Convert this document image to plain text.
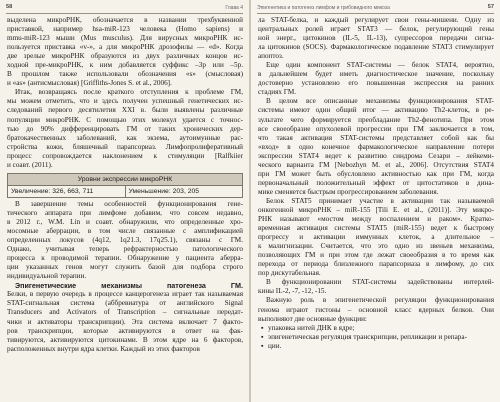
58	Глава 4
выделена микроРНК, обозначается в названии трехбуквенной
приставкой, например hsa-miR-123 человека (Homo sapiens) и
mmu-miR-123 мыши (Mus musculus). Для вирусных микроРНК ис-
пользуется приставка «v-», а для микроРНК дрозофилы — «d». Когда
две зрелые микроРНК образуются из двух различных концов ис-
ходной пре-микроРНК, к ним добавляется суффикс –3р или –5р.
В прошлом также использовали обозначения «s» (смысловая)
и «as» (антисмысловая) [Griffiths-Jones S. et al., 2006].
Итак, возвращаясь после краткого отступления к проблеме ГМ,
мы можем отметить, что и здесь получен успешный генетических ис-
следований первого десятилетия XXI в. были выявлены различные
популяции микроРНК. С помощью этих молекул удается с точнос-
тью до 90% дифференцировать ГМ от таких хронических дер-
братокачественных заболеваний, как экзема, аутоимунные рас-
стройства кожи, бляшечный парапсориаз. Лимфопролиферативный
процесс сопровождается наклонением к стимуляции [Ralfkiier
и соавт. (2011).
Уровни экспрессии микроРНК
Увеличение: 326, 663, 711	Уменьшение: 203, 205
В завершение темы особенностей функционирования гене-
тического аппарата при лимфоме добавим, что совсем недавно,
в 2012 г., W.M. Lin и соавт. обнаружили, что определенные хро-
мосомные аберрации, в том числе связанные с амплификацией
определенных локусов (4q12, 1q21.3, 17q25.1), связаны с ГМ.
Однако, учитывая теперь рефрактерностью патологического
процесса к проводимой терапии. Обнаружение у пациента аберра-
ции указанных генов могут служить базой для подбора строго
индивидуальной терапии.
Эпигенетические механизмы патогенеза ГМ.
Белки, в первую очередь в процессе канцерогенеза играет так называемая
STAT-сигнальная система (аббревиатура от английского Signal
Transducers and Activators of Transcription – сигнальные передат-
чики и активаторы транскрипции). Эта система включает 7 факто-
ров транскрипции, которые активируются в ответ на фак-
тивируются, активируются цитокинами. В этом ядре на 6 факторов,
расположенных внутри ядра клетки. Каждый из этих факторов
Эпигенетика и патогенез лимфом и грибовидного микоза	57
ла STAT-белка, и каждый регулирует свои гены-мишени. Одну из
центральных ролей играет STAT3 — белок, регулирующий гены
ной энерг., цитокинов (IL-5, IL-13), супрессоров передачи сигна-
ла цитокинов (SOCS). Фармакологическое подавление STAT3 стимулирует
апоптоз.
Еще один компонент STAT-системы — белок STAT4, вероятно,
в дальнейшем будет иметь диагностическое значение, поскольку
достоверно установлено его повышенная экспрессия на ранних
стадиях ГМ.
В целом все описанные механизмы функционирования STAT-
системы имеют один общий итог — активацию Th2-клеток, в ре-
зультате чего формируется преобладание Th2-фенотипа. При этом
все своеобразие опухолевой прогрессии при ГМ заключается в том,
что такая активация STAT-системы представляет собой как бы
«вход» в одно конечное фармакологическое направление потери
экспрессии STAT4 ведет к развитию синдрома Сезари – лейкеми-
ческого варианта ГМ [Nebozhyn M. et al., 2006]. Отсутствия STAT4
при ГМ может быть обусловлено активностью как при ГМ, когда
первоначальный положительный эффект от цитостатиков в дина-
мике сменяется быстрым прогрессированием заболевания.
Белок STAT5 принимает участие в активации так называемой
онкогенной микроРНК – miR-155 [Tili E. et al., (2011)]. Эту микро-
РНК называют «мостом между воспалением и раком». Кратко-
временная активация системы STAT5 (miR-155) ведет к быстрому
прогрессу и активации иммунных клеток, а длительное –
к малигнизации. Считается, что это одно из звеньев механизма,
позволяющих ГМ и при этом где лежат своеобразия в то время как
перехода от периода близлежного парапсориаза в лимфому, до сих
пор дискутабельная.
В функционировании STAT-системы задействованы интерлей-
кины IL-2, -7, -12, -15.
Важную роль в эпигенетической регуляции функционирования
генома играют гистоны – основной класс ядерных белков. Они
выполняют две основные функции:
▪ упаковка нитей ДНК в ядре;
▪ эпигенетическая регуляция транскрипции, репликации и репара-
▪ ции.
